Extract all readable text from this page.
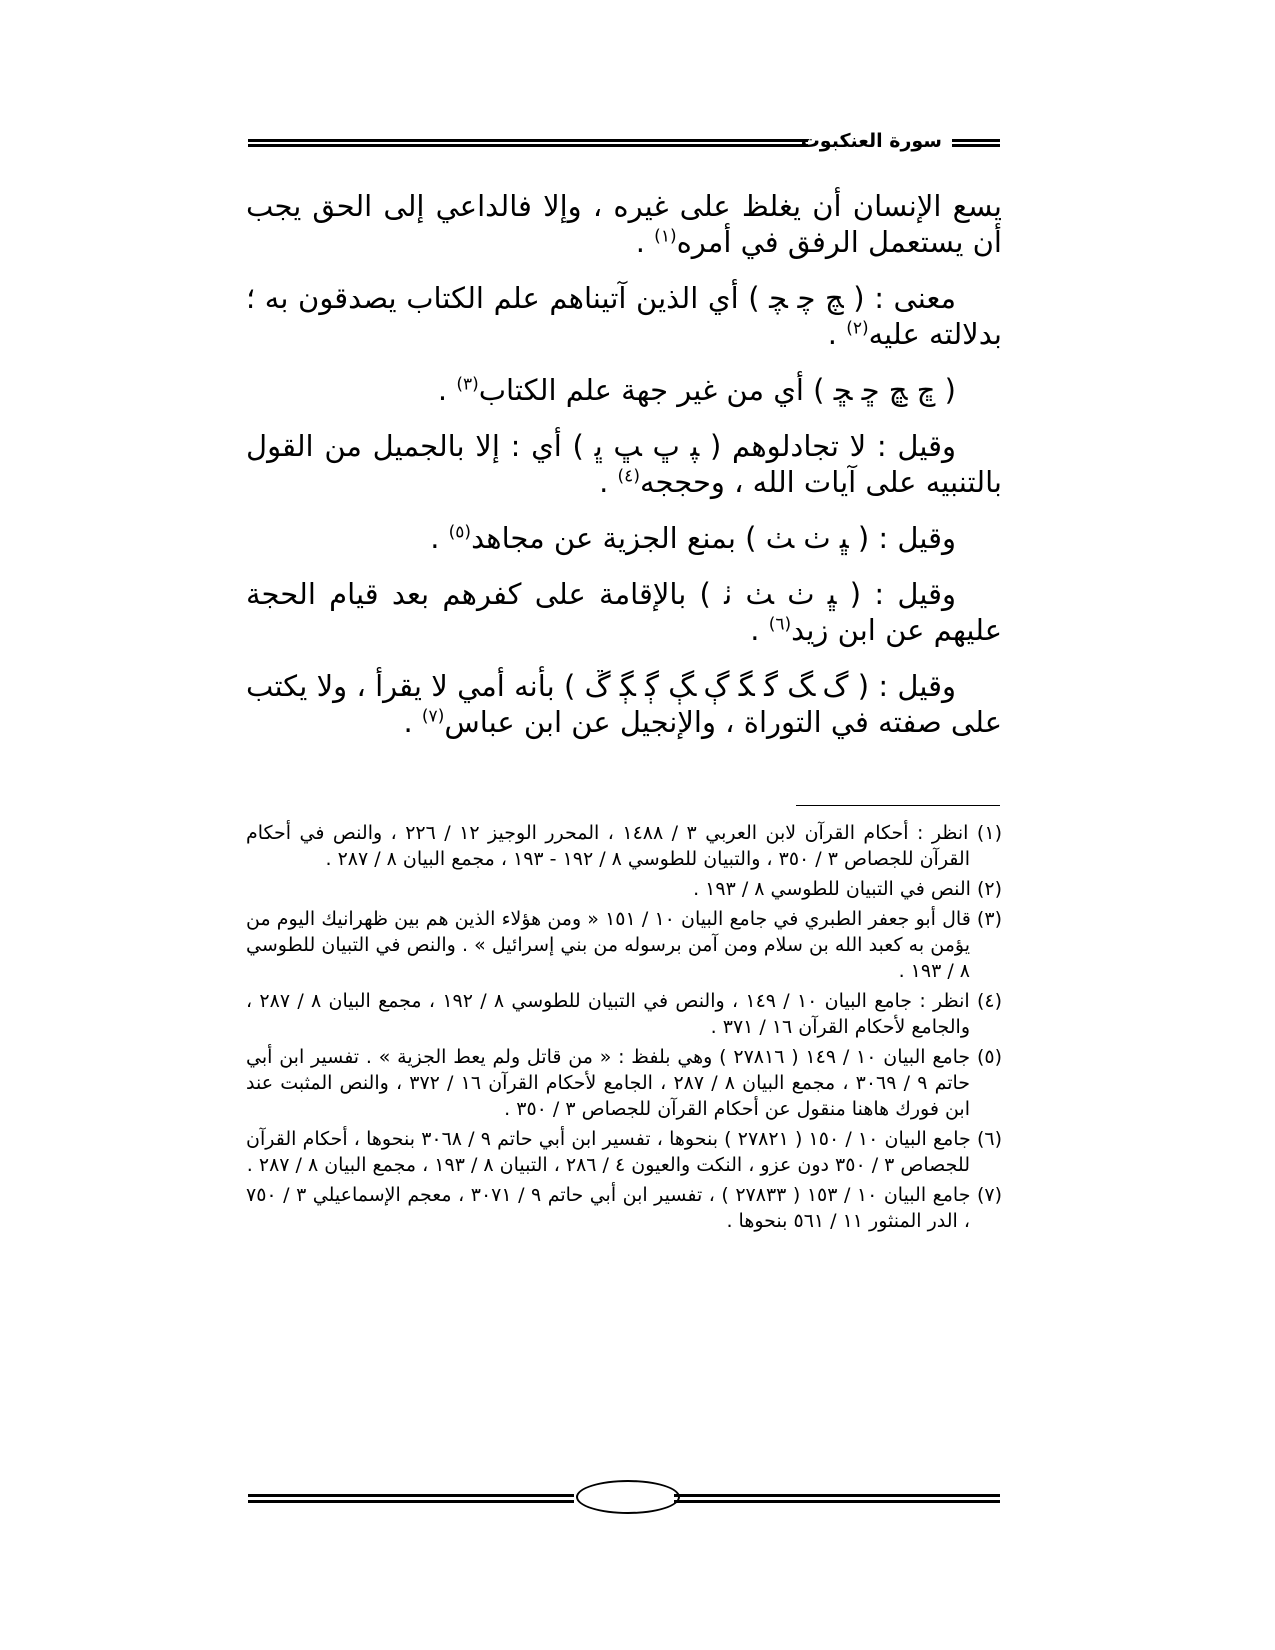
سورة العنكبوت

يسع الإنسان أن يغلظ على غيره ، وإلا فالداعي إلى الحق يجب أن يستعمل الرفق في أمره$^{(١)}$ .

معنى : ( ﭻ ﭼ ﭽ ) أي الذين آتيناهم علم الكتاب يصدقون به ؛ بدلالته عليه$^{(٢)}$ .

( ﭾ ﭿ ﮀ ﮁ ) أي من غير جهة علم الكتاب$^{(٣)}$ .

وقيل : لا تجادلوهم ( ﭙ ﭚ ﭛ ﭜ ) أي : إلا بالجميل من القول بالتنبيه على آيات الله ، وحججه$^{(٤)}$ .

وقيل : ( ﭝ ﭞ ﭟ ) بمنع الجزية عن مجاهد$^{(٥)}$ .

وقيل : ( ﭝ ﭞ ﭟ ﭠ ) بالإقامة على كفرهم بعد قيام الحجة عليهم عن ابن زيد$^{(٦)}$ .

وقيل : ( ﮒ ﮓ ﮔ ﮕ ﮖ ﮗ ﮘ ﮙ ﮚ ) بأنه أمي لا يقرأ ، ولا يكتب على صفته في التوراة ، والإنجيل عن ابن عباس$^{(٧)}$ .

(١) انظر : أحكام القرآن لابن العربي ٣ / ١٤٨٨ ، المحرر الوجيز ١٢ / ٢٢٦ ، والنص في أحكام القرآن للجصاص ٣ / ٣٥٠ ، والتبيان للطوسي ٨ / ١٩٢ - ١٩٣ ، مجمع البيان ٨ / ٢٨٧ .

(٢) النص في التبيان للطوسي ٨ / ١٩٣ .

(٣) قال أبو جعفر الطبري في جامع البيان ١٠ / ١٥١ « ومن هؤلاء الذين هم بين ظهرانيك اليوم من يؤمن به كعبد الله بن سلام ومن آمن برسوله من بني إسرائيل » . والنص في التبيان للطوسي ٨ / ١٩٣ .

(٤) انظر : جامع البيان ١٠ / ١٤٩ ، والنص في التبيان للطوسي ٨ / ١٩٢ ، مجمع البيان ٨ / ٢٨٧ ، والجامع لأحكام القرآن ١٦ / ٣٧١ .

(٥) جامع البيان ١٠ / ١٤٩ ( ٢٧٨١٦ ) وهي بلفظ : « من قاتل ولم يعط الجزية » . تفسير ابن أبي حاتم ٩ / ٣٠٦٩ ، مجمع البيان ٨ / ٢٨٧ ، الجامع لأحكام القرآن ١٦ / ٣٧٢ ، والنص المثبت عند ابن فورك هاهنا منقول عن أحكام القرآن للجصاص ٣ / ٣٥٠ .

(٦) جامع البيان ١٠ / ١٥٠ ( ٢٧٨٢١ ) بنحوها ، تفسير ابن أبي حاتم ٩ / ٣٠٦٨ بنحوها ، أحكام القرآن للجصاص ٣ / ٣٥٠ دون عزو ، النكت والعيون ٤ / ٢٨٦ ، التبيان ٨ / ١٩٣ ، مجمع البيان ٨ / ٢٨٧ .

(٧) جامع البيان ١٠ / ١٥٣ ( ٢٧٨٣٣ ) ، تفسير ابن أبي حاتم ٩ / ٣٠٧١ ، معجم الإسماعيلي ٣ / ٧٥٠ ، الدر المنثور ١١ / ٥٦١ بنحوها .
